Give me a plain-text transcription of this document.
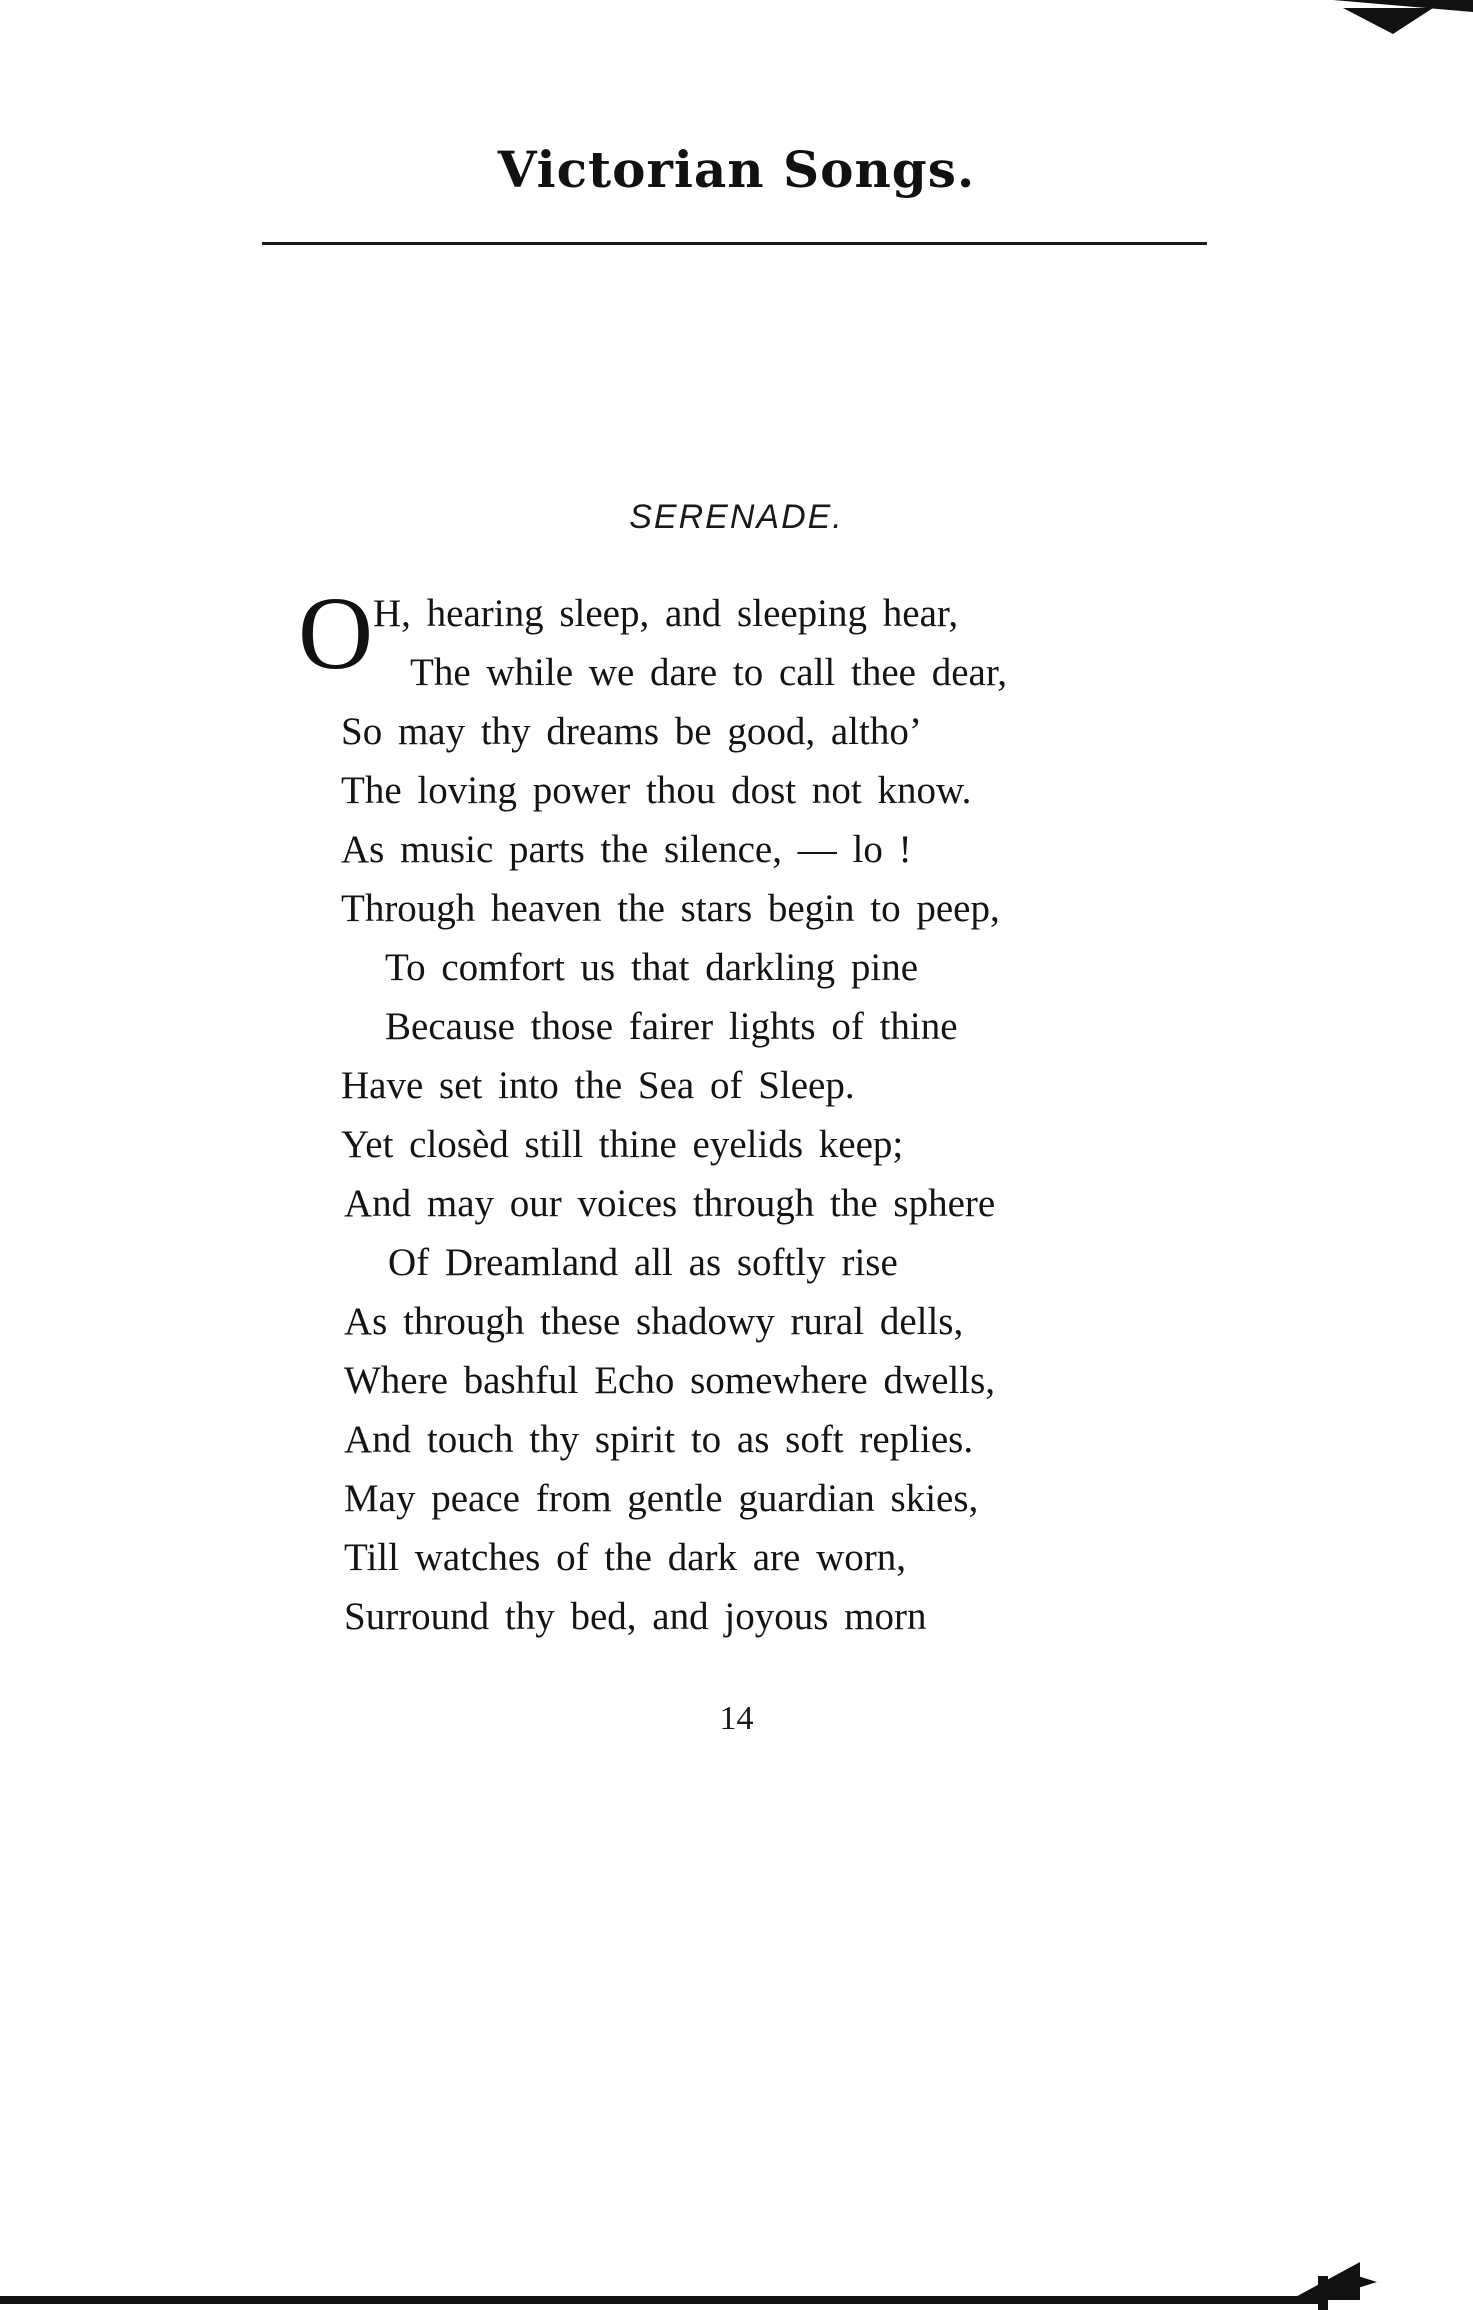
Victorian Songs.
SERENADE.
O H, hearing sleep, and sleeping hear,
The while we dare to call thee dear,
So may thy dreams be good, altho’
The loving power thou dost not know.
As music parts the silence, — lo !
Through heaven the stars begin to peep,
To comfort us that darkling pine
Because those fairer lights of thine
Have set into the Sea of Sleep.
Yet closèd still thine eyelids keep;
And may our voices through the sphere
Of Dreamland all as softly rise
As through these shadowy rural dells,
Where bashful Echo somewhere dwells,
And touch thy spirit to as soft replies.
May peace from gentle guardian skies,
Till watches of the dark are worn,
Surround thy bed, and joyous morn
14
